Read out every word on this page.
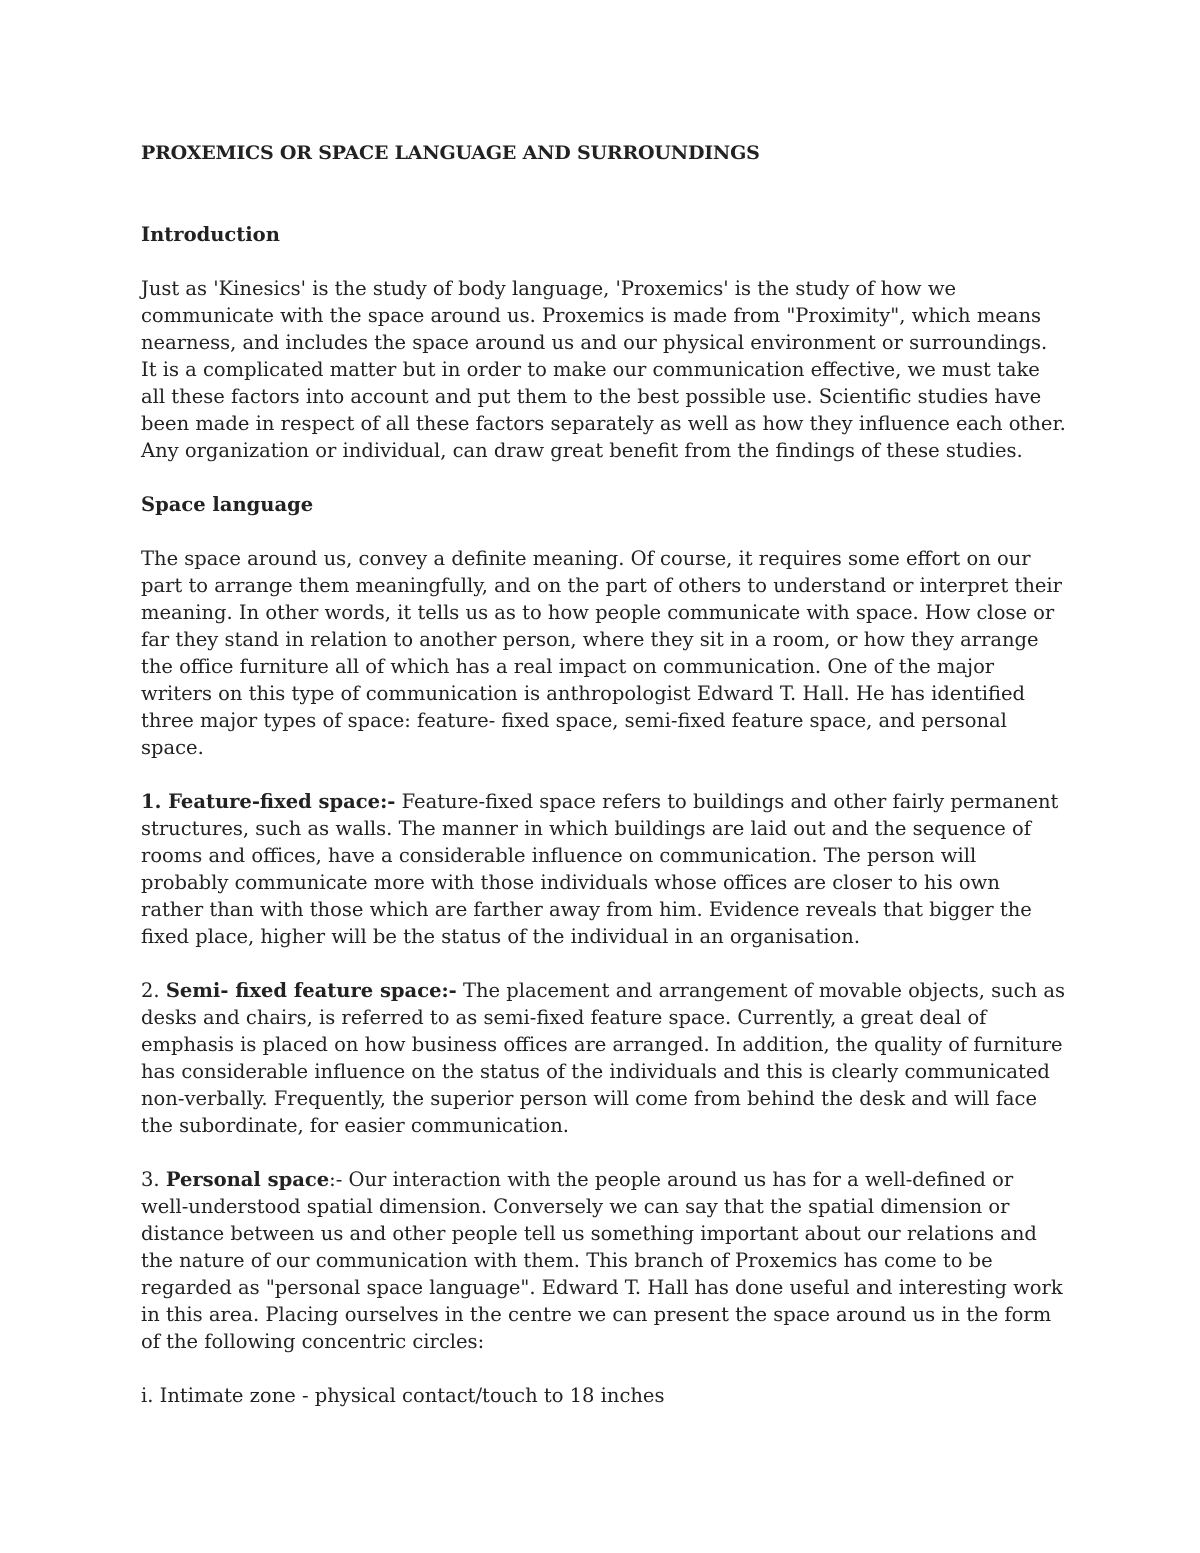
PROXEMICS OR SPACE LANGUAGE AND SURROUNDINGS
Introduction

Just as 'Kinesics' is the study of body language, 'Proxemics' is the study of how we communicate with the space around us. Proxemics is made from "Proximity", which means nearness, and includes the space around us and our physical environment or surroundings. It is a complicated matter but in order to make our communication effective, we must take all these factors into account and put them to the best possible use. Scientific studies have been made in respect of all these factors separately as well as how they influence each other. Any organization or individual, can draw great benefit from the findings of these studies.

Space language

The space around us, convey a definite meaning. Of course, it requires some effort on our part to arrange them meaningfully, and on the part of others to understand or interpret their meaning. In other words, it tells us as to how people communicate with space. How close or far they stand in relation to another person, where they sit in a room, or how they arrange the office furniture all of which has a real impact on communication. One of the major writers on this type of communication is anthropologist Edward T. Hall. He has identified three major types of space: feature- fixed space, semi-fixed feature space, and personal space.

1. Feature-fixed space:- Feature-fixed space refers to buildings and other fairly permanent structures, such as walls. The manner in which buildings are laid out and the sequence of rooms and offices, have a considerable influence on communication. The person will probably communicate more with those individuals whose offices are closer to his own rather than with those which are farther away from him. Evidence reveals that bigger the fixed place, higher will be the status of the individual in an organisation.

2. Semi- fixed feature space:- The placement and arrangement of movable objects, such as desks and chairs, is referred to as semi-fixed feature space. Currently, a great deal of emphasis is placed on how business offices are arranged. In addition, the quality of furniture has considerable influence on the status of the individuals and this is clearly communicated non-verbally. Frequently, the superior person will come from behind the desk and will face the subordinate, for easier communication.

3. Personal space:- Our interaction with the people around us has for a well-defined or well-understood spatial dimension. Conversely we can say that the spatial dimension or distance between us and other people tell us something important about our relations and the nature of our communication with them. This branch of Proxemics has come to be regarded as "personal space language". Edward T. Hall has done useful and interesting work in this area. Placing ourselves in the centre we can present the space around us in the form of the following concentric circles:

i. Intimate zone - physical contact/touch to 18 inches
